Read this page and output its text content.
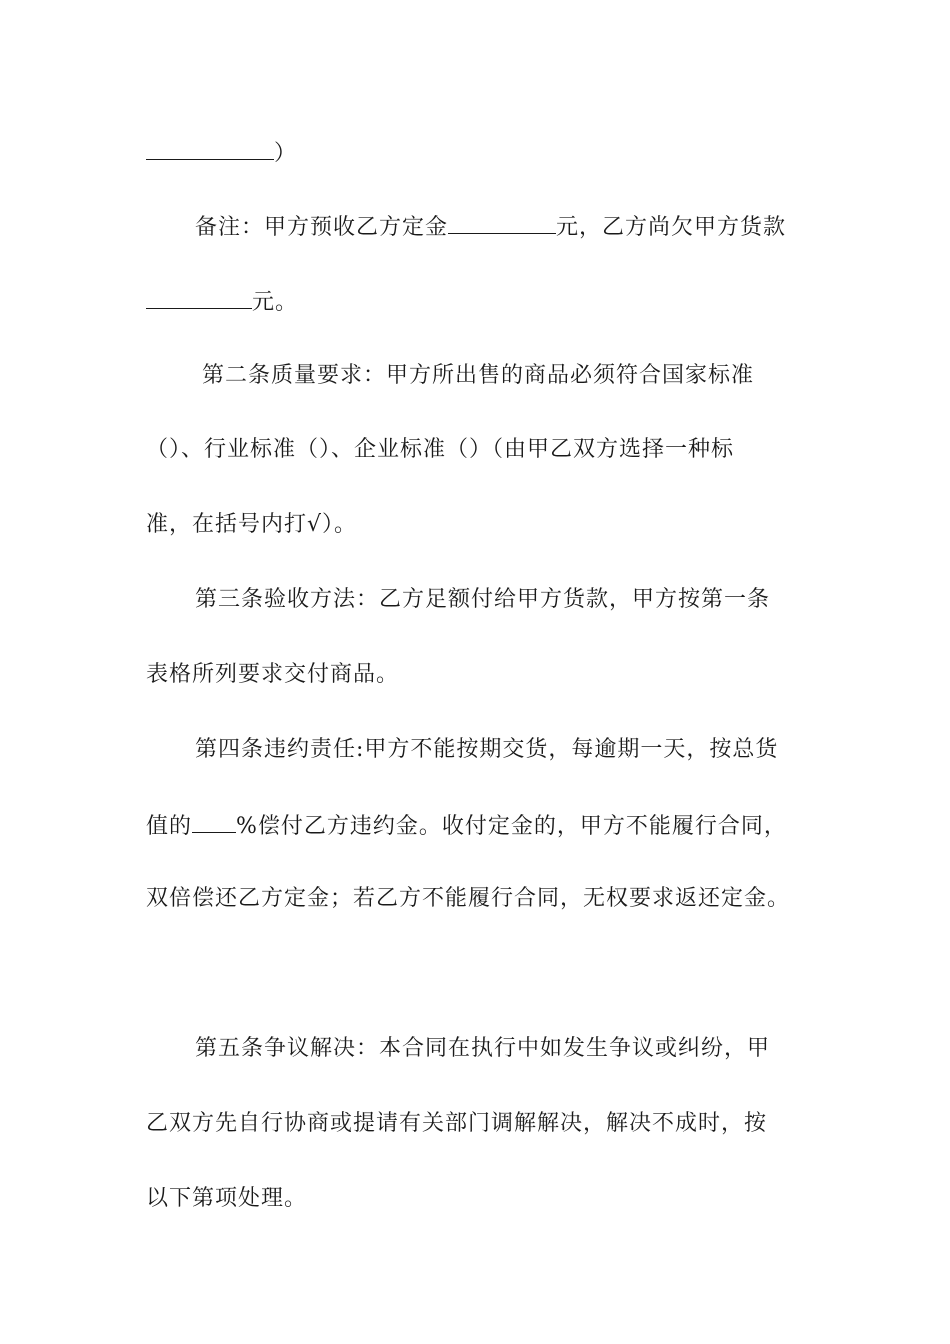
）
备注：甲方预收乙方定金	元，乙方尚欠甲方货款
元。
第二条质量要求：甲方所出售的商品必须符合国家标准
（）、行业标准（）、企业标准（）（由甲乙双方选择一种标
准，在括号内打√）。
第三条验收方法：乙方足额付给甲方货款，甲方按第一条
表格所列要求交付商品。
第四条违约责任:甲方不能按期交货，每逾期一天，按总货
值的 %偿付乙方违约金。收付定金的，甲方不能履行合同，
双倍偿还乙方定金；若乙方不能履行合同，无权要求返还定金。
第五条争议解决：本合同在执行中如发生争议或纠纷，甲
乙双方先自行协商或提请有关部门调解解决，解决不成时，按
以下第项处理。
